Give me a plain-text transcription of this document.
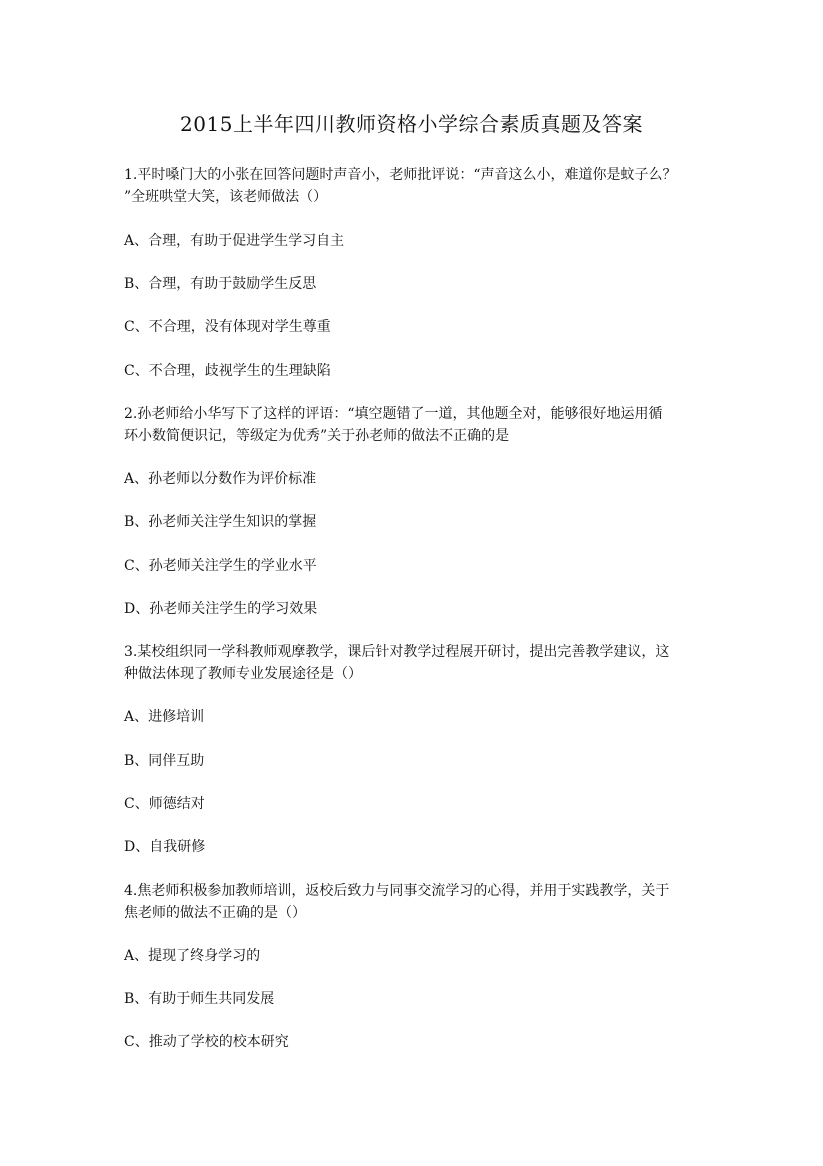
2015上半年四川教师资格小学综合素质真题及答案
1.平时嗓门大的小张在回答问题时声音小，老师批评说：“声音这么小，难道你是蚊子么？
”全班哄堂大笑，该老师做法（）
A、合理，有助于促进学生学习自主
B、合理，有助于鼓励学生反思
C、不合理，没有体现对学生尊重
C、不合理，歧视学生的生理缺陷
2.孙老师给小华写下了这样的评语：“填空题错了一道，其他题全对，能够很好地运用循
环小数简便识记，等级定为优秀”关于孙老师的做法不正确的是
A、孙老师以分数作为评价标准
B、孙老师关注学生知识的掌握
C、孙老师关注学生的学业水平
D、孙老师关注学生的学习效果
3.某校组织同一学科教师观摩教学，课后针对教学过程展开研讨，提出完善教学建议，这
种做法体现了教师专业发展途径是（）
A、进修培训
B、同伴互助
C、师德结对
D、自我研修
4.焦老师积极参加教师培训，返校后致力与同事交流学习的心得，并用于实践教学，关于
焦老师的做法不正确的是（）
A、提现了终身学习的
B、有助于师生共同发展
C、推动了学校的校本研究
